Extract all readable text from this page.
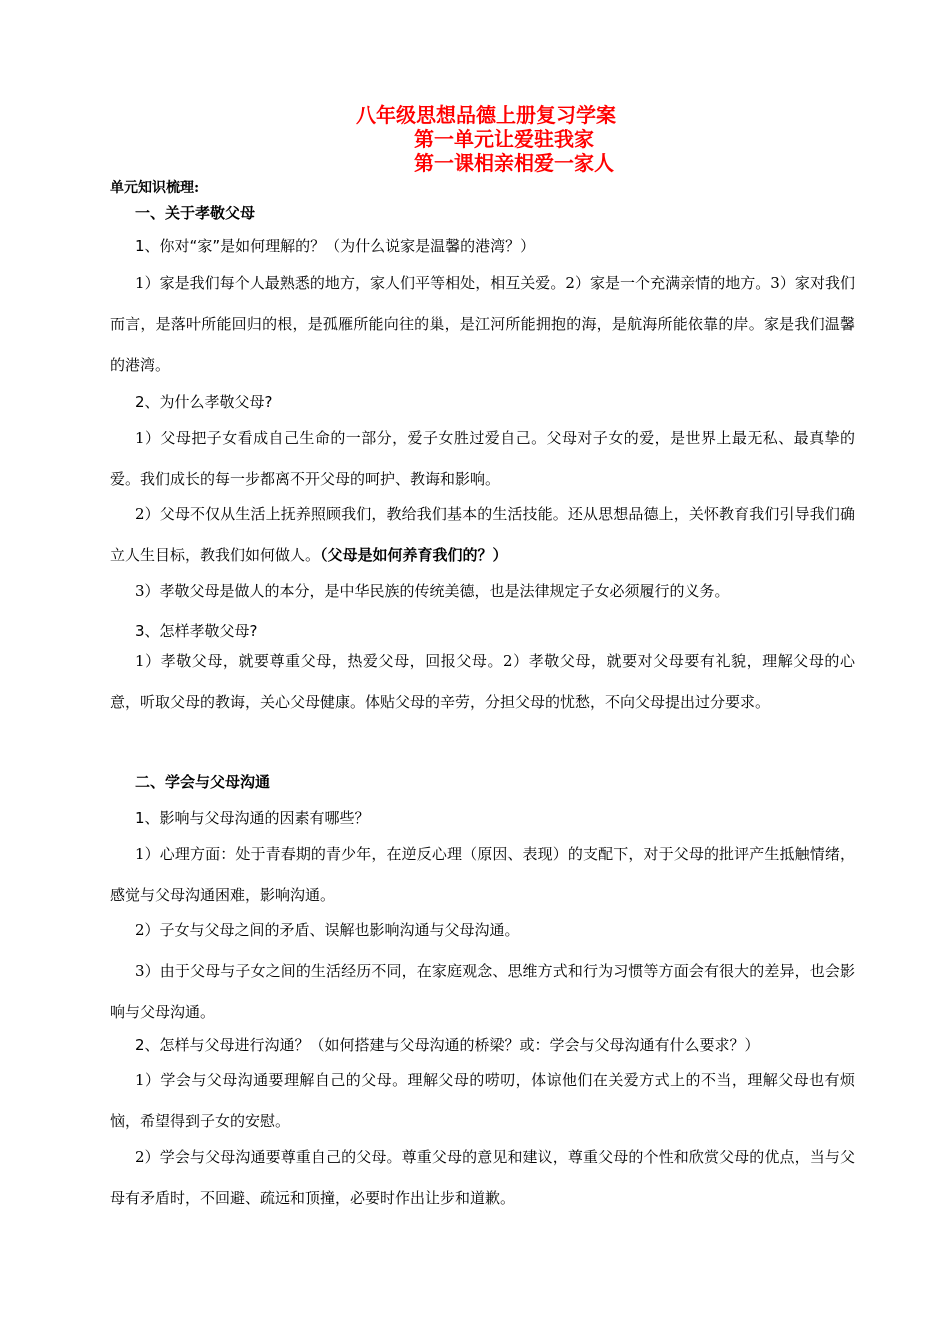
八年级思想品德上册复习学案
第一单元让爱驻我家
第一课相亲相爱一家人
单元知识梳理:
一、关于孝敬父母
1、你对“家”是如何理解的？（为什么说家是温馨的港湾？）
1）家是我们每个人最熟悉的地方，家人们平等相处，相互关爱。2）家是一个充满亲情的地方。3）家对我们而言，是落叶所能回归的根，是孤雁所能向往的巢，是江河所能拥抱的海，是航海所能依靠的岸。家是我们温馨的港湾。
2、为什么孝敬父母?
1）父母把子女看成自己生命的一部分，爱子女胜过爱自己。父母对子女的爱，是世界上最无私、最真挚的爱。我们成长的每一步都离不开父母的呵护、教诲和影响。
2）父母不仅从生活上抚养照顾我们，教给我们基本的生活技能。还从思想品德上，关怀教育我们引导我们确立人生目标，教我们如何做人。（父母是如何养育我们的？）
3）孝敬父母是做人的本分，是中华民族的传统美德，也是法律规定子女必须履行的义务。
3、怎样孝敬父母?
1）孝敬父母，就要尊重父母，热爱父母，回报父母。2）孝敬父母，就要对父母要有礼貌，理解父母的心意，听取父母的教诲，关心父母健康。体贴父母的辛劳，分担父母的忧愁，不向父母提出过分要求。
二、学会与父母沟通
1、影响与父母沟通的因素有哪些？
1）心理方面：处于青春期的青少年，在逆反心理（原因、表现）的支配下，对于父母的批评产生抵触情绪，感觉与父母沟通困难，影响沟通。
2）子女与父母之间的矛盾、误解也影响沟通与父母沟通。
3）由于父母与子女之间的生活经历不同，在家庭观念、思维方式和行为习惯等方面会有很大的差异，也会影响与父母沟通。
2、怎样与父母进行沟通？（如何搭建与父母沟通的桥梁？或：学会与父母沟通有什么要求？）
1）学会与父母沟通要理解自己的父母。理解父母的唠叨，体谅他们在关爱方式上的不当，理解父母也有烦恼，希望得到子女的安慰。
2）学会与父母沟通要尊重自己的父母。尊重父母的意见和建议，尊重父母的个性和欣赏父母的优点，当与父母有矛盾时，不回避、疏远和顶撞，必要时作出让步和道歉。
